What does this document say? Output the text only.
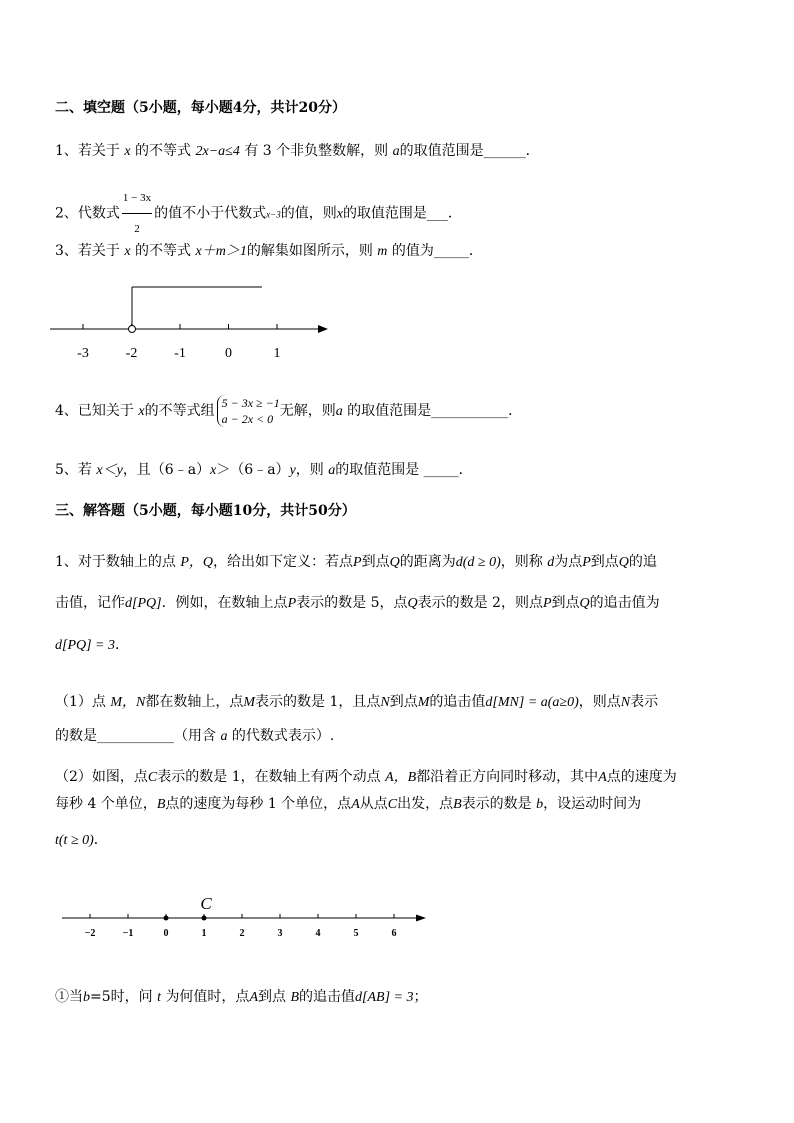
二、填空题（5小题，每小题4分，共计20分）
1、若关于 x 的不等式 2x−a≤4 有 3 个非负整数解，则 a的取值范围是______．
2、代数式 $\frac{1 - 3x}{2}$ 的值不小于代数式x−3的值，则x的取值范围是___．
3、若关于 x 的不等式 x＋m＞1的解集如图所示，则 m 的值为_____．
-3	-2	-1	0	1
4、已知关于 x的不等式组 5 − 3x ≥ −1
a − 2x < 0 无解，则a 的取值范围是___________．
5、若 x＜y，且（6﹣a）x＞（6﹣a）y，则 a的取值范围是 _____．
三、解答题（5小题，每小题10分，共计50分）
1、对于数轴上的点 P，Q，给出如下定义：若点P到点Q的距离为d(d ≥ 0)，则称 d为点P到点Q的追
击值，记作d[PQ]．例如，在数轴上点P表示的数是 5，点Q表示的数是 2，则点P到点Q的追击值为
d[PQ] = 3．
（1）点 M，N都在数轴上，点M表示的数是 1，且点N到点M的追击值d[MN] = a(a≥0)，则点N表示
的数是___________（用含 a 的代数式表示）.
（2）如图，点C表示的数是 1，在数轴上有两个动点 A，B都沿着正方向同时移动，其中A点的速度为
每秒 4 个单位，B点的速度为每秒 1 个单位，点A从点C出发，点B表示的数是 b，设运动时间为
t(t ≥ 0)．
−2	−1	0	1	2	3	4	5	6
C
①当b=5时，问 t 为何值时，点A到点 B的追击值d[AB] = 3；
